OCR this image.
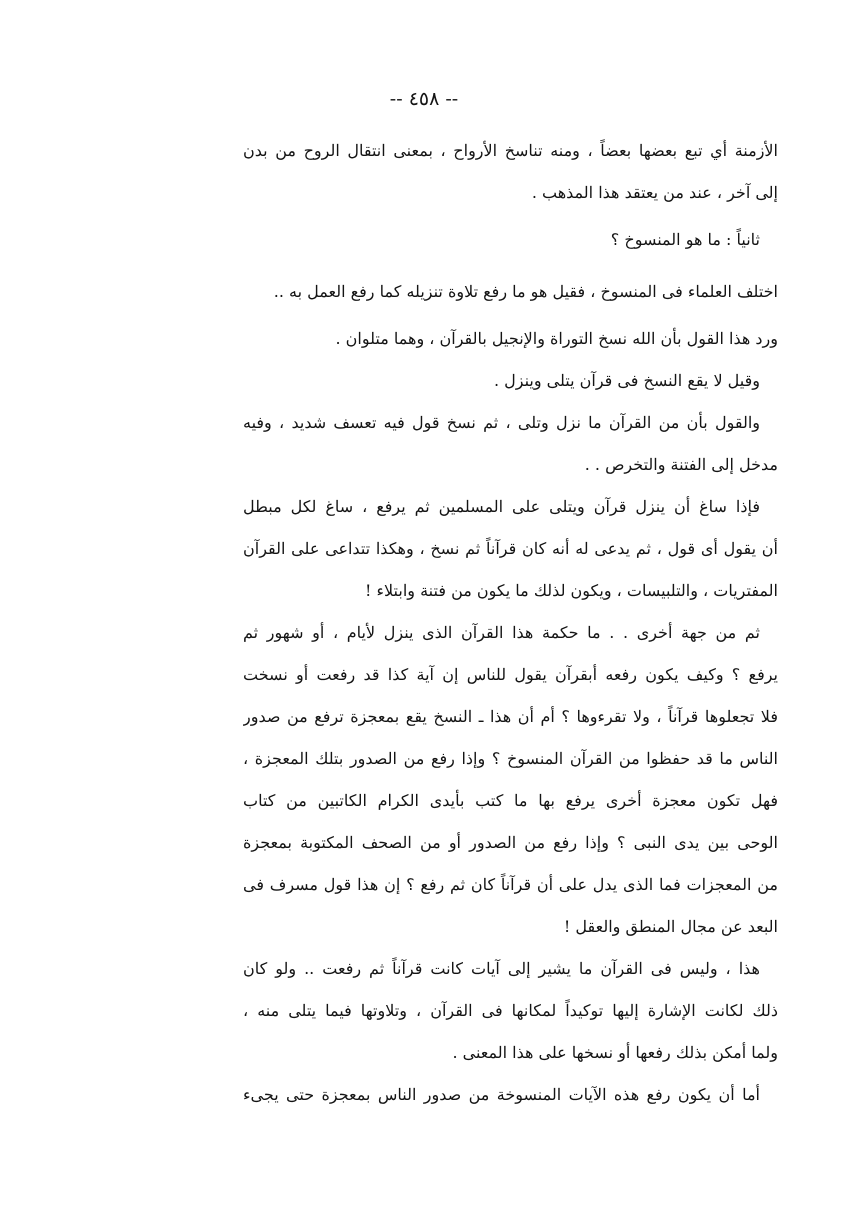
-- ٤٥٨ --
الأزمنة أي تبع بعضها بعضاً ، ومنه تناسخ الأرواح ، بمعنى انتقال الروح من بدن
إلى آخر ، عند من يعتقد هذا المذهب .
ثانياً : ما هو المنسوخ ؟
اختلف العلماء فى المنسوخ ، فقيل هو ما رفع تلاوة تنزيله كما رفع العمل به ..
ورد هذا القول بأن الله نسخ التوراة والإنجيل بالقرآن ، وهما متلوان .
وقيل لا يقع النسخ فى قرآن يتلى وينزل .
والقول بأن من القرآن ما نزل وتلى ، ثم نسخ قول فيه تعسف شديد ، وفيه
مدخل إلى الفتنة والتخرص . .
فإذا ساغ أن ينزل قرآن ويتلى على المسلمين ثم يرفع ، ساغ لكل مبطل
أن يقول أى قول ، ثم يدعى له أنه كان قرآناً ثم نسخ ، وهكذا تتداعى على القرآن
المفتريات ، والتلبيسات ، ويكون لذلك ما يكون من فتنة وابتلاء !
ثم من جهة أخرى . . ما حكمة هذا القرآن الذى ينزل لأيام ، أو شهور ثم
يرفع ؟ وكيف يكون رفعه أبقرآن يقول للناس إن آية كذا قد رفعت أو نسخت
فلا تجعلوها قرآناً ، ولا تقرءوها ؟ أم أن هذا ـ النسخ يقع بمعجزة ترفع من صدور
الناس ما قد حفظوا من القرآن المنسوخ ؟ وإذا رفع من الصدور بتلك المعجزة ،
فهل تكون معجزة أخرى يرفع بها ما كتب بأيدى الكرام الكاتبين من كتاب
الوحى بين يدى النبى ؟ وإذا رفع من الصدور أو من الصحف المكتوبة بمعجزة
من المعجزات فما الذى يدل على أن قرآناً كان ثم رفع ؟ إن هذا قول مسرف فى
البعد عن مجال المنطق والعقل !
هذا ، وليس فى القرآن ما يشير إلى آيات كانت قرآناً ثم رفعت .. ولو كان
ذلك لكانت الإشارة إليها توكيداً لمكانها فى القرآن ، وتلاوتها فيما يتلى منه ،
ولما أمكن بذلك رفعها أو نسخها على هذا المعنى .
أما أن يكون رفع هذه الآيات المنسوخة من صدور الناس بمعجزة حتى يجىء
